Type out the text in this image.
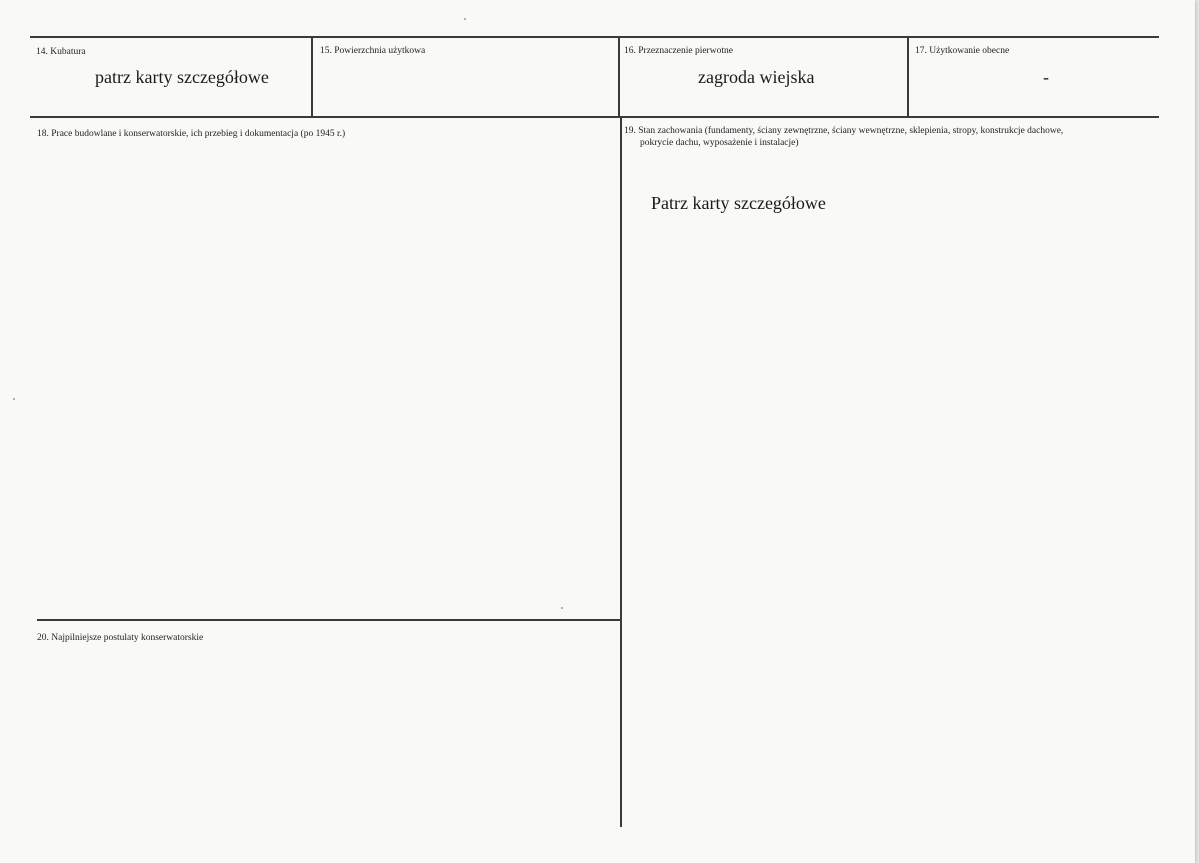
14. Kubatura
patrz karty szczegółowe
15. Powierzchnia użytkowa	16. Przeznaczenie pierwotne
zagroda wiejska
17. Użytkowanie obecne
-
18. Prace budowlane i konserwatorskie, ich przebieg i dokumentacja (po 1945 r.)	19. Stan zachowania (fundamenty, ściany zewnętrzne, ściany wewnętrzne, sklepienia, stropy, konstrukcje dachowe,
pokrycie dachu, wyposażenie i instalacje)
Patrz karty szczegółowe
20. Najpilniejsze postulaty konserwatorskie
